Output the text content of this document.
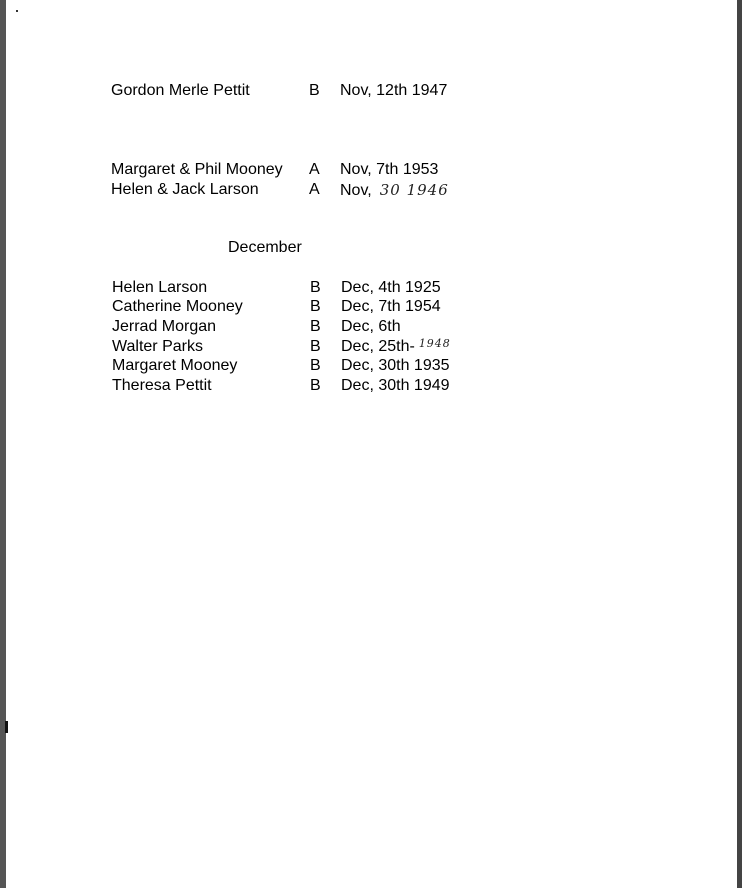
Gordon Merle Pettit	B Nov, 12th 1947
Margaret & Phil Mooney A Nov, 7th 1953
Helen & Jack Larson	A Nov, 30 1946
December
Helen Larson	B Dec, 4th 1925
Catherine Mooney	B Dec, 7th 1954
Jerrad Morgan	B Dec, 6th
Walter Parks	B Dec, 25th- $^{1948}$
Margaret Mooney	B Dec, 30th 1935
Theresa Pettit	B Dec, 30th 1949
